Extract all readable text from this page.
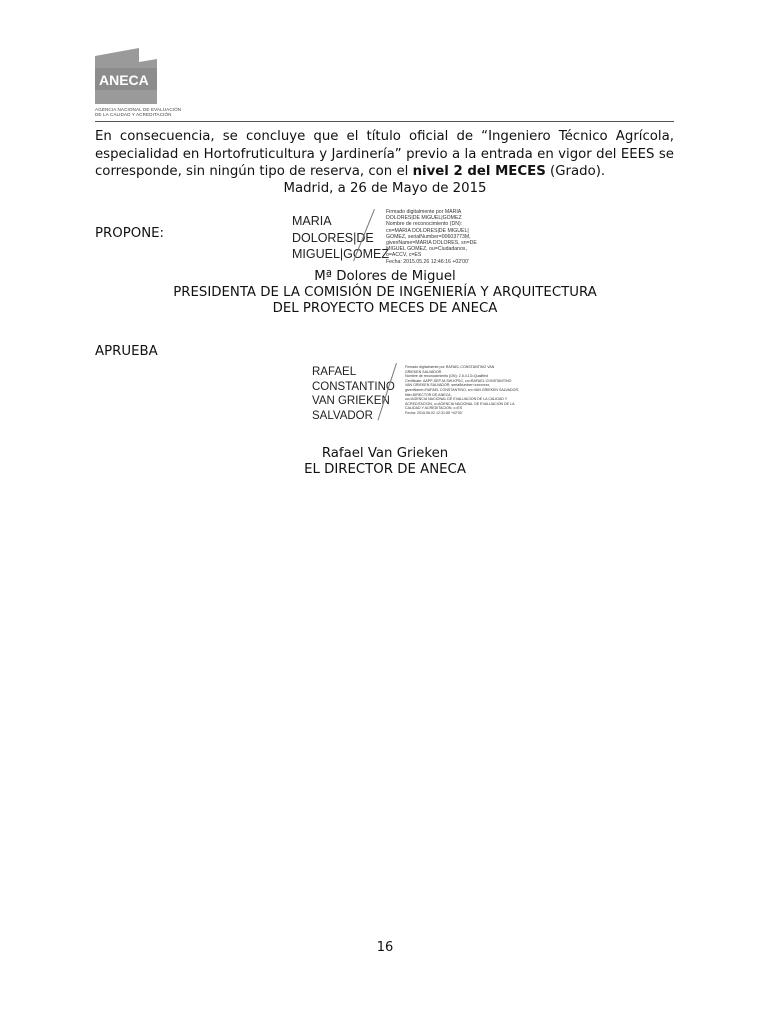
ANECA
AGENCIA NACIONAL DE EVALUACIÓN
DE LA CALIDAD Y ACREDITACIÓN
En consecuencia, se concluye que el título oficial de “Ingeniero Técnico Agrícola, especialidad en Hortofruticultura y Jardinería” previo a la entrada en vigor del EEES se corresponde, sin ningún tipo de reserva, con el nivel 2 del MECES (Grado).
Madrid, a 26 de Mayo de 2015
PROPONE:
MARIA
DOLORES|DE
MIGUEL|GOMEZ
Firmado digitalmente por MARIA
DOLORES|DE MIGUEL|GOMEZ
Nombre de reconocimiento (DN):
cn=MARIA DOLORES|DE MIGUEL|
GOMEZ, serialNumber=00603773M,
givenName=MARIA DOLORES, sn=DE
MIGUEL GOMEZ, ou=Ciudadanos,
o=ACCV, c=ES
Fecha: 2015.05.26 12:46:16 +02'00'
Mª Dolores de Miguel
PRESIDENTA DE LA COMISIÓN DE INGENIERÍA Y ARQUITECTURA
DEL PROYECTO MECES DE ANECA
APRUEBA
RAFAEL
CONSTANTINO
VAN GRIEKEN
SALVADOR
Firmado digitalmente por RAFAEL CONSTANTINO VAN
GRIEKEN SALVADOR
Nombre de reconocimiento (DN): 2.5.4.13=Qualified
Certificate: AAPP-SEP-M-SW-KPSC, cn=RAFAEL CONSTANTINO
VAN GRIEKEN SALVADOR, serialNumber=xxxxxxxx,
givenName=RAFAEL CONSTANTINO, sn=VAN GRIEKEN SALVADOR,
title=DIRECTOR DE ANECA,
ou=AGENCIA NACIONAL DE EVALUACION DE LA CALIDAD Y
ACREDITACION, o=AGENCIA NACIONAL DE EVALUACION DE LA
CALIDAD Y ACREDITACION, c=ES
Fecha: 2015.06.02 12:31:55 +02'00'
Rafael Van Grieken
EL DIRECTOR DE ANECA
16
